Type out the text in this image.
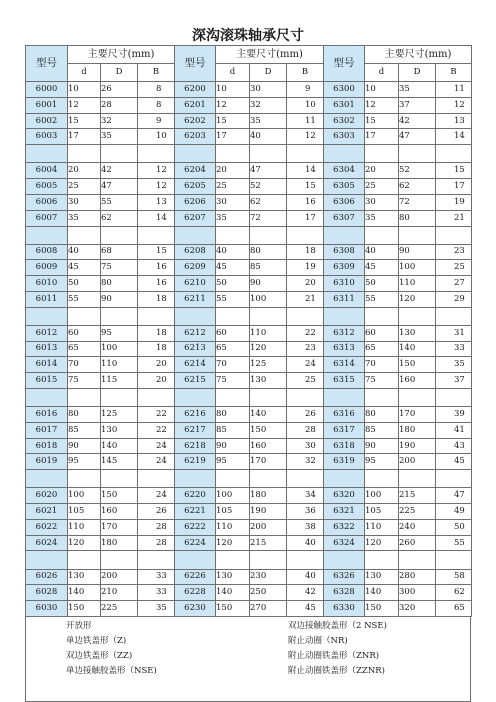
深沟滚珠轴承尺寸
型号	主要尺寸(mm)			型号	主要尺寸(mm)			型号	主要尺寸(mm)		
	d	D	B		d	D	B		d	D	B
6000	10	26	8	6200	10	30	9	6300	10	35	11
6001	12	28	8	6201	12	32	10	6301	12	37	12
6002	15	32	9	6202	15	35	11	6302	15	42	13
6003	17	35	10	6203	17	40	12	6303	17	47	14

6004	20	42	12	6204	20	47	14	6304	20	52	15
6005	25	47	12	6205	25	52	15	6305	25	62	17
6006	30	55	13	6206	30	62	16	6306	30	72	19
6007	35	62	14	6207	35	72	17	6307	35	80	21

6008	40	68	15	6208	40	80	18	6308	40	90	23
6009	45	75	16	6209	45	85	19	6309	45	100	25
6010	50	80	16	6210	50	90	20	6310	50	110	27
6011	55	90	18	6211	55	100	21	6311	55	120	29

6012	60	95	18	6212	60	110	22	6312	60	130	31
6013	65	100	18	6213	65	120	23	6313	65	140	33
6014	70	110	20	6214	70	125	24	6314	70	150	35
6015	75	115	20	6215	75	130	25	6315	75	160	37

6016	80	125	22	6216	80	140	26	6316	80	170	39
6017	85	130	22	6217	85	150	28	6317	85	180	41
6018	90	140	24	6218	90	160	30	6318	90	190	43
6019	95	145	24	6219	95	170	32	6319	95	200	45

6020	100	150	24	6220	100	180	34	6320	100	215	47
6021	105	160	26	6221	105	190	36	6321	105	225	49
6022	110	170	28	6222	110	200	38	6322	110	240	50
6024	120	180	28	6224	120	215	40	6324	120	260	55

6026	130	200	33	6226	130	230	40	6326	130	280	58
6028	140	210	33	6228	140	250	42	6328	140	300	62
6030	150	225	35	6230	150	270	45	6330	150	320	65
开放形
单边铁盖形（Z)
双边铁盖形（ZZ)
单边接触胶盖形（NSE)
双边接触胶盖形（2 NSE)
附止动圈（NR)
附止动圈铁盖形（ZNR)
附止动圈铁盖形（ZZNR)
